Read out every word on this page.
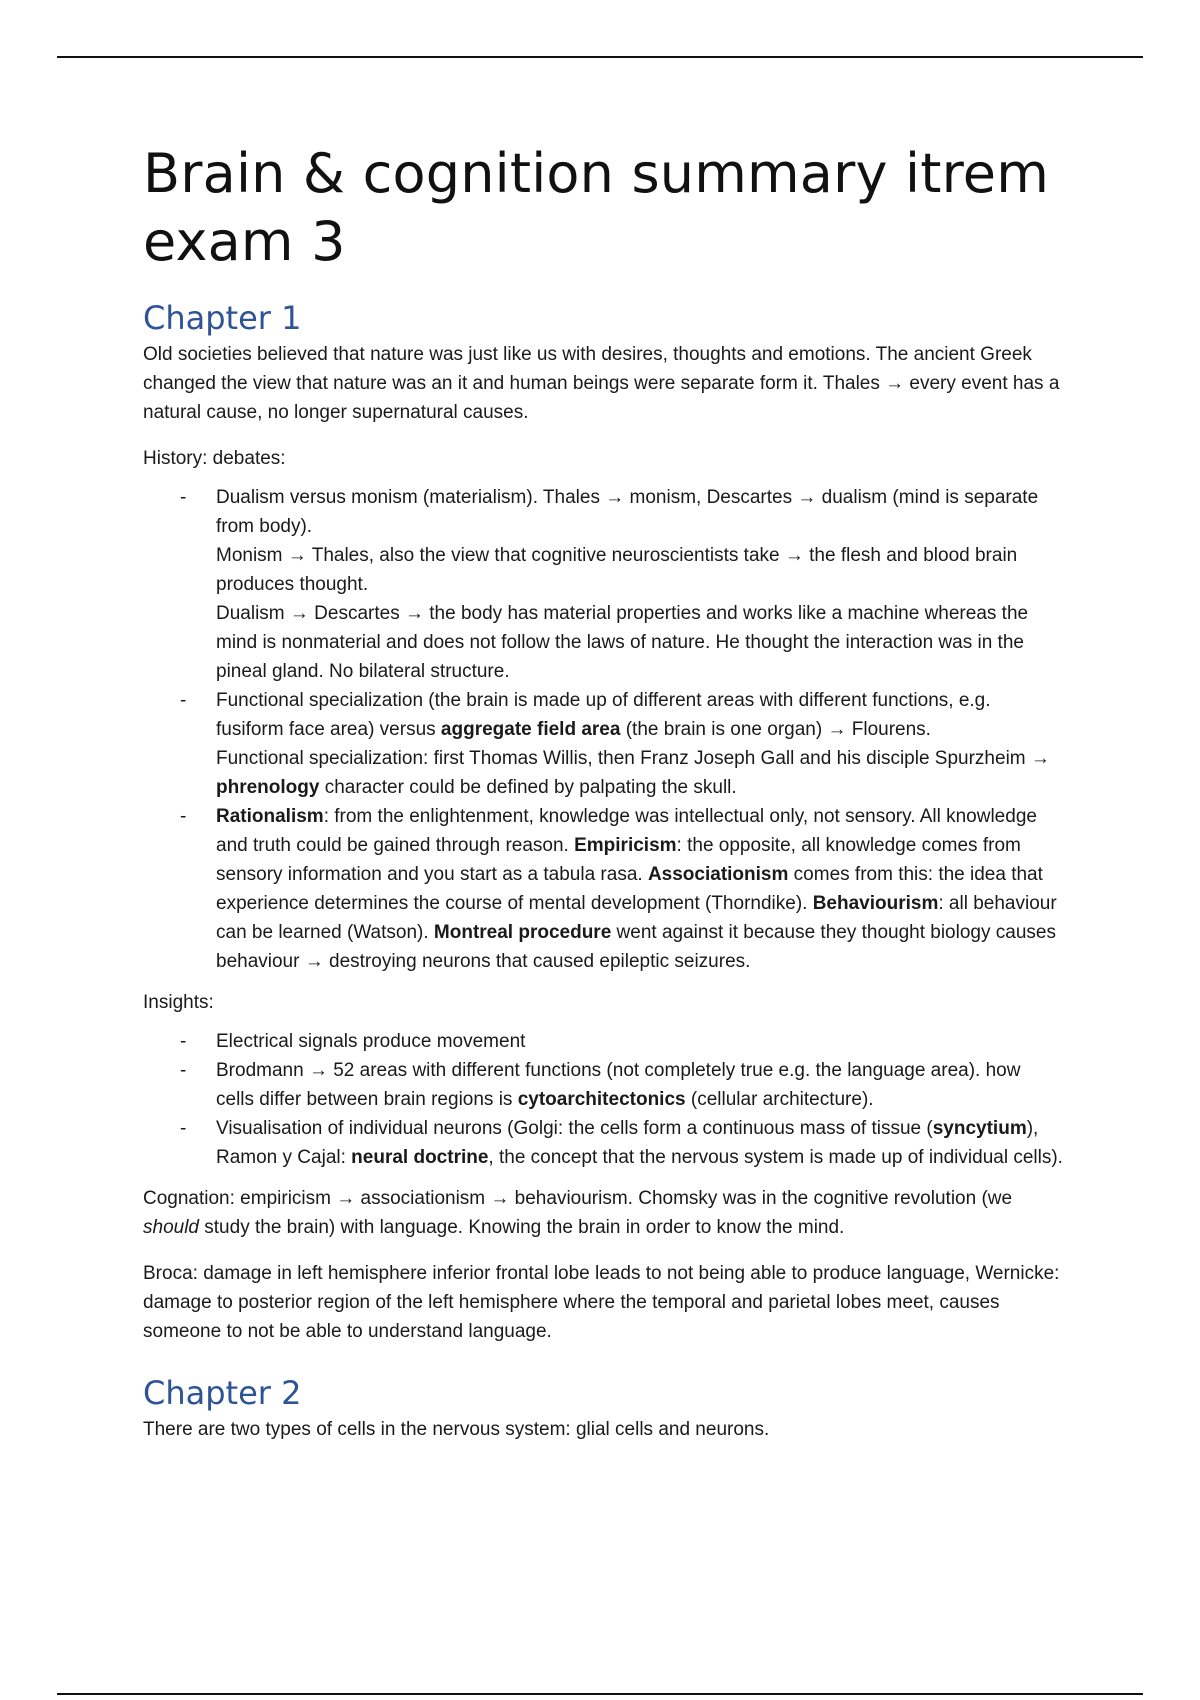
Brain & cognition summary itrem exam 3
Chapter 1

Old societies believed that nature was just like us with desires, thoughts and emotions. The ancient Greek changed the view that nature was an it and human beings were separate form it. Thales → every event has a natural cause, no longer supernatural causes.

History: debates:

- Dualism versus monism (materialism). Thales → monism, Descartes → dualism (mind is separate from body).
Monism → Thales, also the view that cognitive neuroscientists take → the flesh and blood brain produces thought.
Dualism → Descartes → the body has material properties and works like a machine whereas the mind is nonmaterial and does not follow the laws of nature. He thought the interaction was in the pineal gland. No bilateral structure.
- Functional specialization (the brain is made up of different areas with different functions, e.g. fusiform face area) versus aggregate field area (the brain is one organ) → Flourens.
Functional specialization: first Thomas Willis, then Franz Joseph Gall and his disciple Spurzheim → phrenology character could be defined by palpating the skull.
- Rationalism: from the enlightenment, knowledge was intellectual only, not sensory. All knowledge and truth could be gained through reason. Empiricism: the opposite, all knowledge comes from sensory information and you start as a tabula rasa. Associationism comes from this: the idea that experience determines the course of mental development (Thorndike). Behaviourism: all behaviour can be learned (Watson). Montreal procedure went against it because they thought biology causes behaviour → destroying neurons that caused epileptic seizures.

Insights:

- Electrical signals produce movement
- Brodmann → 52 areas with different functions (not completely true e.g. the language area). how cells differ between brain regions is cytoarchitectonics (cellular architecture).
- Visualisation of individual neurons (Golgi: the cells form a continuous mass of tissue (syncytium), Ramon y Cajal: neural doctrine, the concept that the nervous system is made up of individual cells).

Cognation: empiricism → associationism → behaviourism. Chomsky was in the cognitive revolution (we should study the brain) with language. Knowing the brain in order to know the mind.

Broca: damage in left hemisphere inferior frontal lobe leads to not being able to produce language, Wernicke: damage to posterior region of the left hemisphere where the temporal and parietal lobes meet, causes someone to not be able to understand language.

Chapter 2

There are two types of cells in the nervous system: glial cells and neurons.
